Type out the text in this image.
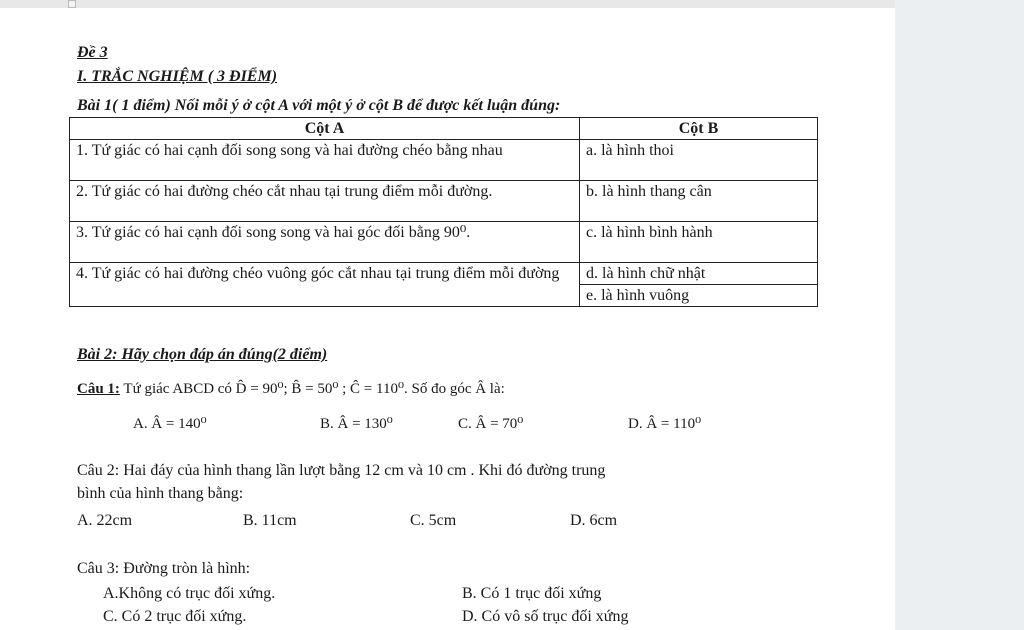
Đề 3
I. TRẮC NGHIỆM ( 3 ĐIỂM)
Bài 1( 1 điểm) Nối mỗi ý ở cột A với một ý ở cột B để được kết luận đúng:
Cột A	Cột B
1. Tứ giác có hai cạnh đối song song và hai đường chéo bằng nhau	a. là hình thoi
2. Tứ giác có hai đường chéo cắt nhau tại trung điểm mỗi đường.	b. là hình thang cân
3. Tứ giác có hai cạnh đối song song và hai góc đối bằng 90⁰.	c. là hình bình hành
4. Tứ giác có hai đường chéo vuông góc cắt nhau tại trung điểm mỗi đường	d. là hình chữ nhật
	e. là hình vuông
Bài 2: Hãy chọn đáp án đúng(2 điểm)
Câu 1: Tứ giác ABCD có D̂ = 90⁰; B̂ = 50⁰ ; Ĉ = 110⁰. Số đo góc Â là:
A. Â = 140⁰	B. Â = 130⁰	C. Â = 70⁰	D. Â = 110⁰
Câu 2: Hai đáy của hình thang lần lượt bằng 12 cm và 10 cm . Khi đó đường trung
bình của hình thang bằng:
A. 22cm	B. 11cm	C. 5cm	D. 6cm
Câu 3: Đường tròn là hình:
A.Không có trục đối xứng.	B. Có 1 trục đối xứng
C. Có 2 trục đối xứng.	D. Có vô số trục đối xứng
